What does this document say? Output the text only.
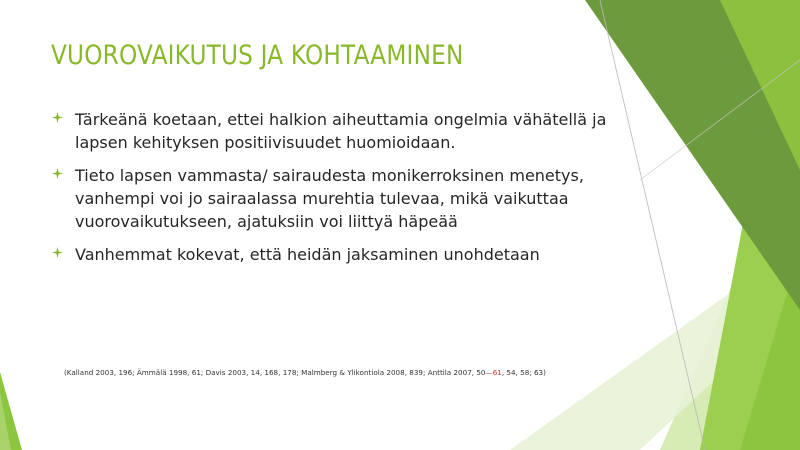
VUOROVAIKUTUS JA KOHTAAMINEN
Tärkeänä koetaan, ettei halkion aiheuttamia ongelmia vähätellä ja lapsen kehityksen positiivisuudet huomioidaan.
Tieto lapsen vammasta/ sairaudesta monikerroksinen menetys, vanhempi voi jo sairaalassa murehtia tulevaa, mikä vaikuttaa vuorovaikutukseen, ajatuksiin voi liittyä häpeää
Vanhemmat kokevat, että heidän jaksaminen unohdetaan
(Kalland 2003, 196; Ämmälä 1998, 61; Davis 2003, 14, 168, 178; Malmberg & Ylikontiola 2008, 839; Anttila 2007, 50—61, 54, 58; 63)
